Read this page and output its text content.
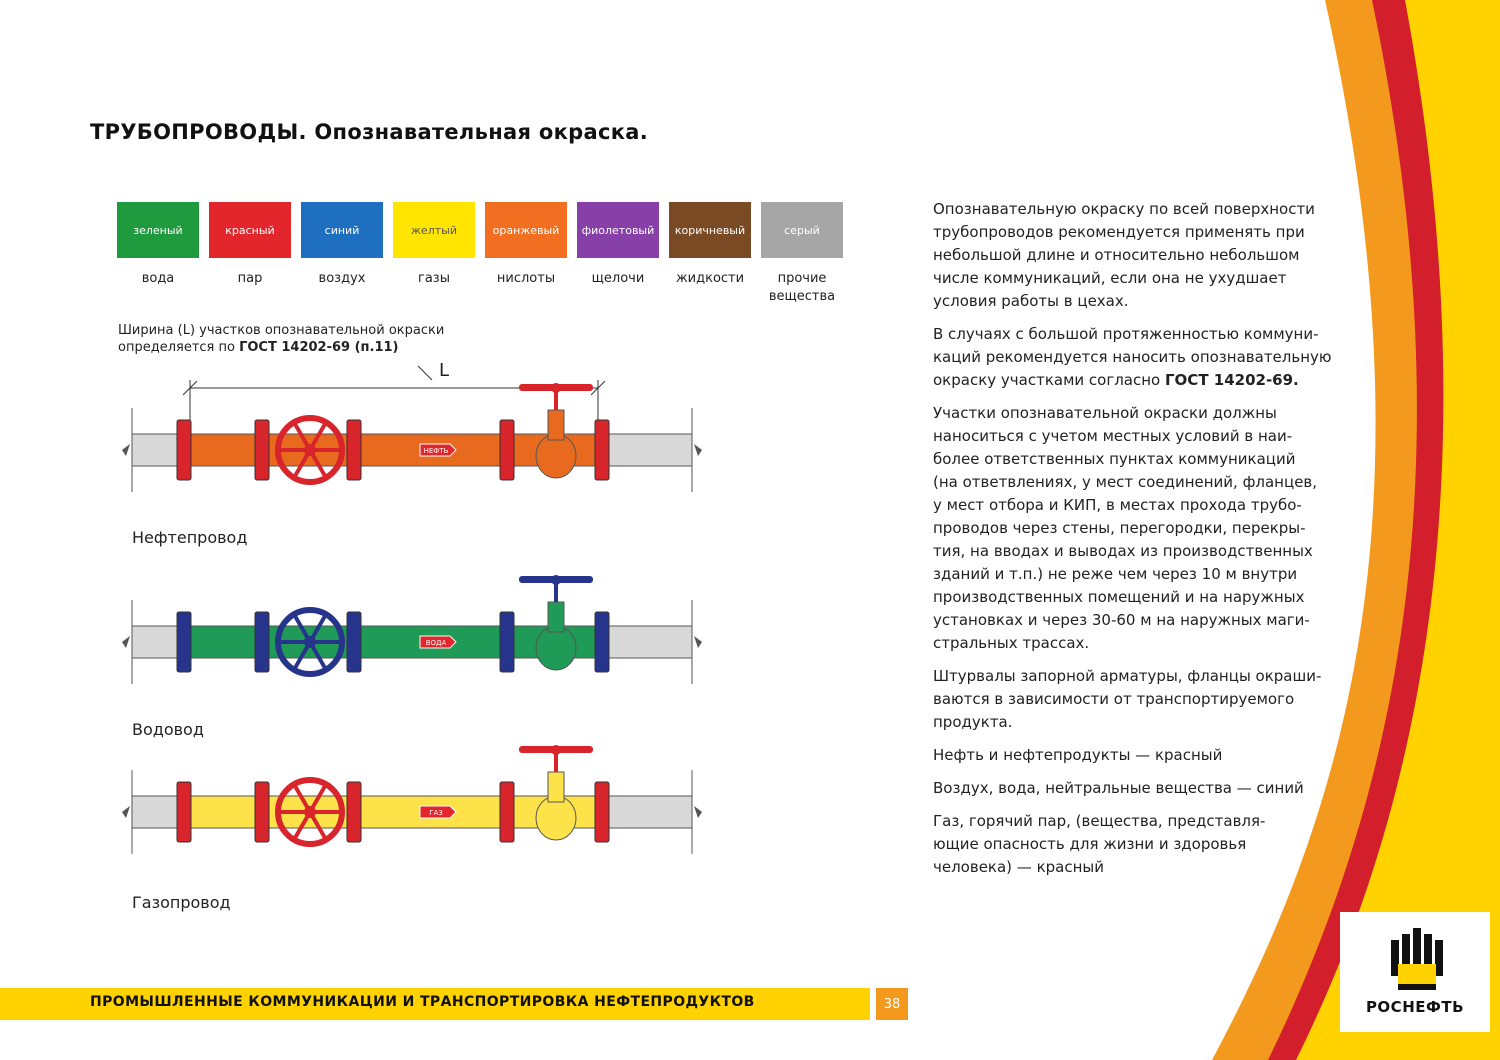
ТРУБОПРОВОДЫ. Опознавательная окраска.
зеленый	красный	синий	желтый	оранжевый	фиолетовый	коричневый	серый
вода	пар	воздух	газы	нислоты	щелочи	жидкости	прочие вещества
Ширина (L) участков опознавательной окраски
определяется по ГОСТ 14202-69 (п.11)
L
НЕФТЬ
ВОДА
ГАЗ
Нефтепровод
Водовод
Газопровод

Опознавательную окраску по всей поверхности
трубопроводов рекомендуется применять при
небольшой длине и относительно небольшом
числе коммуникаций, если она не ухудшает
условия работы в цехах.

В случаях с большой протяженностью коммуни-
каций рекомендуется наносить опознавательную
окраску участками согласно ГОСТ 14202-69.

Участки опознавательной окраски должны
наноситься с учетом местных условий в наи-
более ответственных пунктах коммуникаций
(на ответвлениях, у мест соединений, фланцев,
у мест отбора и КИП, в местах прохода трубо-
проводов через стены, перегородки, перекры-
тия, на вводах и выводах из производственных
зданий и т.п.) не реже чем через 10 м внутри
производственных помещений и на наружных
установках и через 30-60 м на наружных маги-
стральных трассах.

Штурвалы запорной арматуры, фланцы окраши-
ваются в зависимости от транспортируемого
продукта.

Нефть и нефтепродукты — красный

Воздух, вода, нейтральные вещества — синий

Газ, горячий пар, (вещества, представля-
ющие опасность для жизни и здоровья
человека) — красный

ПРОМЫШЛЕННЫЕ КОММУНИКАЦИИ И ТРАНСПОРТИРОВКА НЕФТЕПРОДУКТОВ	38	РОСНЕФТЬ
